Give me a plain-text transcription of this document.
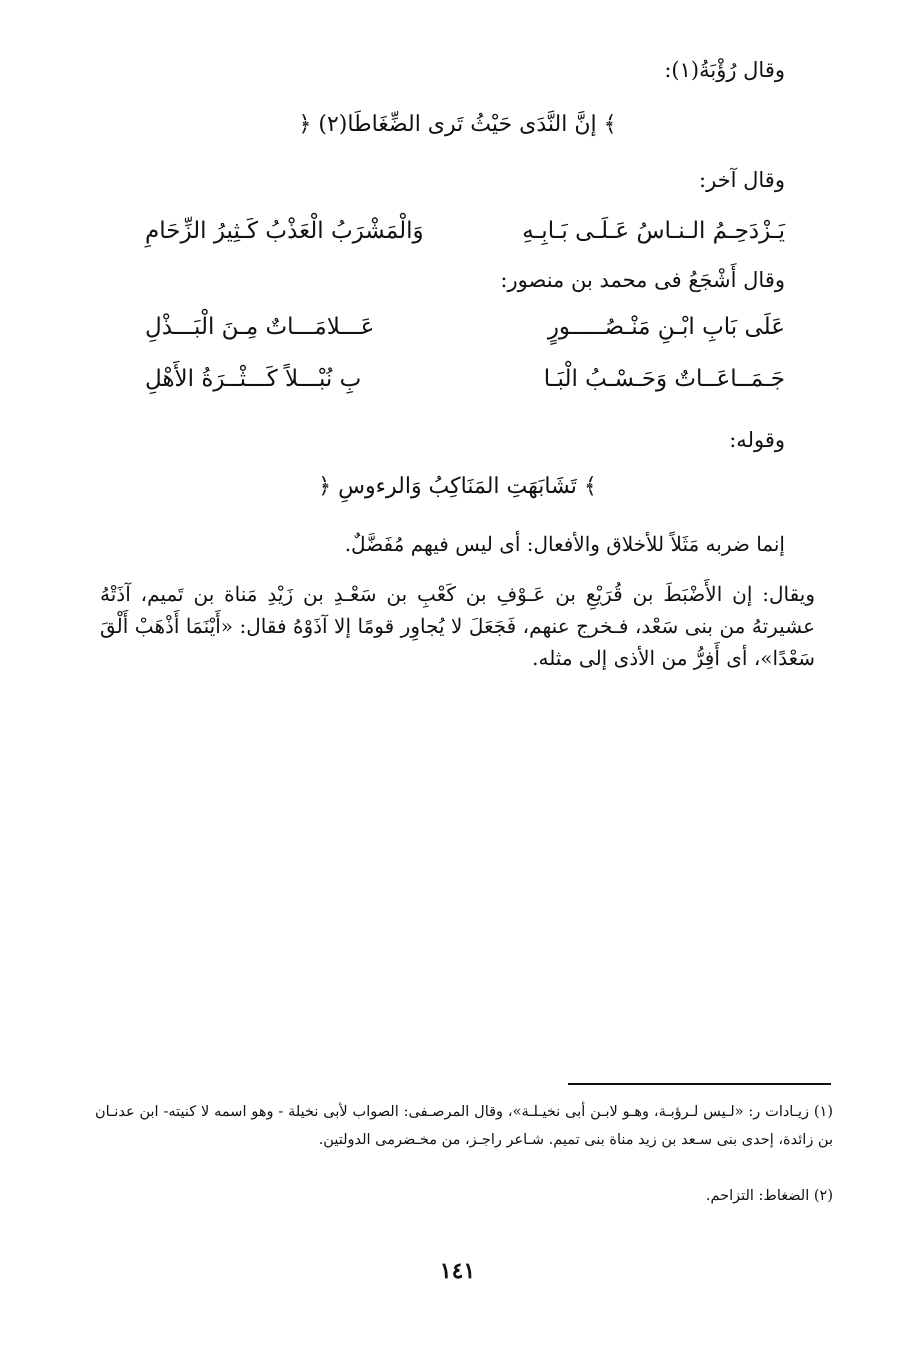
وقال رُؤْبَةُ(١):
﴾ إنَّ النَّدَى حَيْثُ تَرى الضِّغَاطَا(٢) ﴿
وقال آخر:
يَـزْدَحِـمُ الـنـاسُ عَـلَـى بَـابِـهِ
وَالْمَشْرَبُ الْعَذْبُ كَـثِيرُ الزِّحَامِ
وقال أَشْجَعُ فى محمد بن منصور:
عَلَى بَابِ ابْـنِ مَنْـصُـــــورٍ
عَـــلامَـــاتٌ مِـنَ الْبَـــذْلِ
جَـمَــاعَــاتٌ وَحَـسْـبُ الْبَـا
بِ نُبْـــلاً كَـــثْــرَةُ الأَهْلِ
وقوله:
﴾ تَشَابَهَتِ المَنَاكِبُ وَالرءوسِ ﴿
إنما ضربه مَثَلاً للأخلاق والأفعال: أى ليس فيهم مُفَضَّلٌ.
ويقال: إن الأَضْبَطَ بن قُرَيْعِ بن عَـوْفِ بن كَعْبِ بن سَعْـدِ بن زَيْدِ مَناة بن تَميم، آذَتْهُ عشيرتهُ من بنى سَعْد، فـخرج عنهم، فَجَعَلَ لا يُجاوِر قومًا إلا آذَوْهُ فقال: «أَيْنَمَا أَذْهَبْ أَلْقَ سَعْدًا»، أى أَفِرُّ من الأذى إلى مثله.
(١) زيـادات ر: «لـيس لـرؤبـة، وهـو لابـن أبى نخيـلـة»، وقال المرصـفى: الصواب لأبى نخيلة - وهو اسمه لا كنيته- ابن عدنـان بن زائدة، إحدى بنى سـعد بن زيد مناة بنى تميم. شـاعر راجـز، من مخـضرمى الدولتين.
(٢) الضغاط: التزاحم.
١٤١
